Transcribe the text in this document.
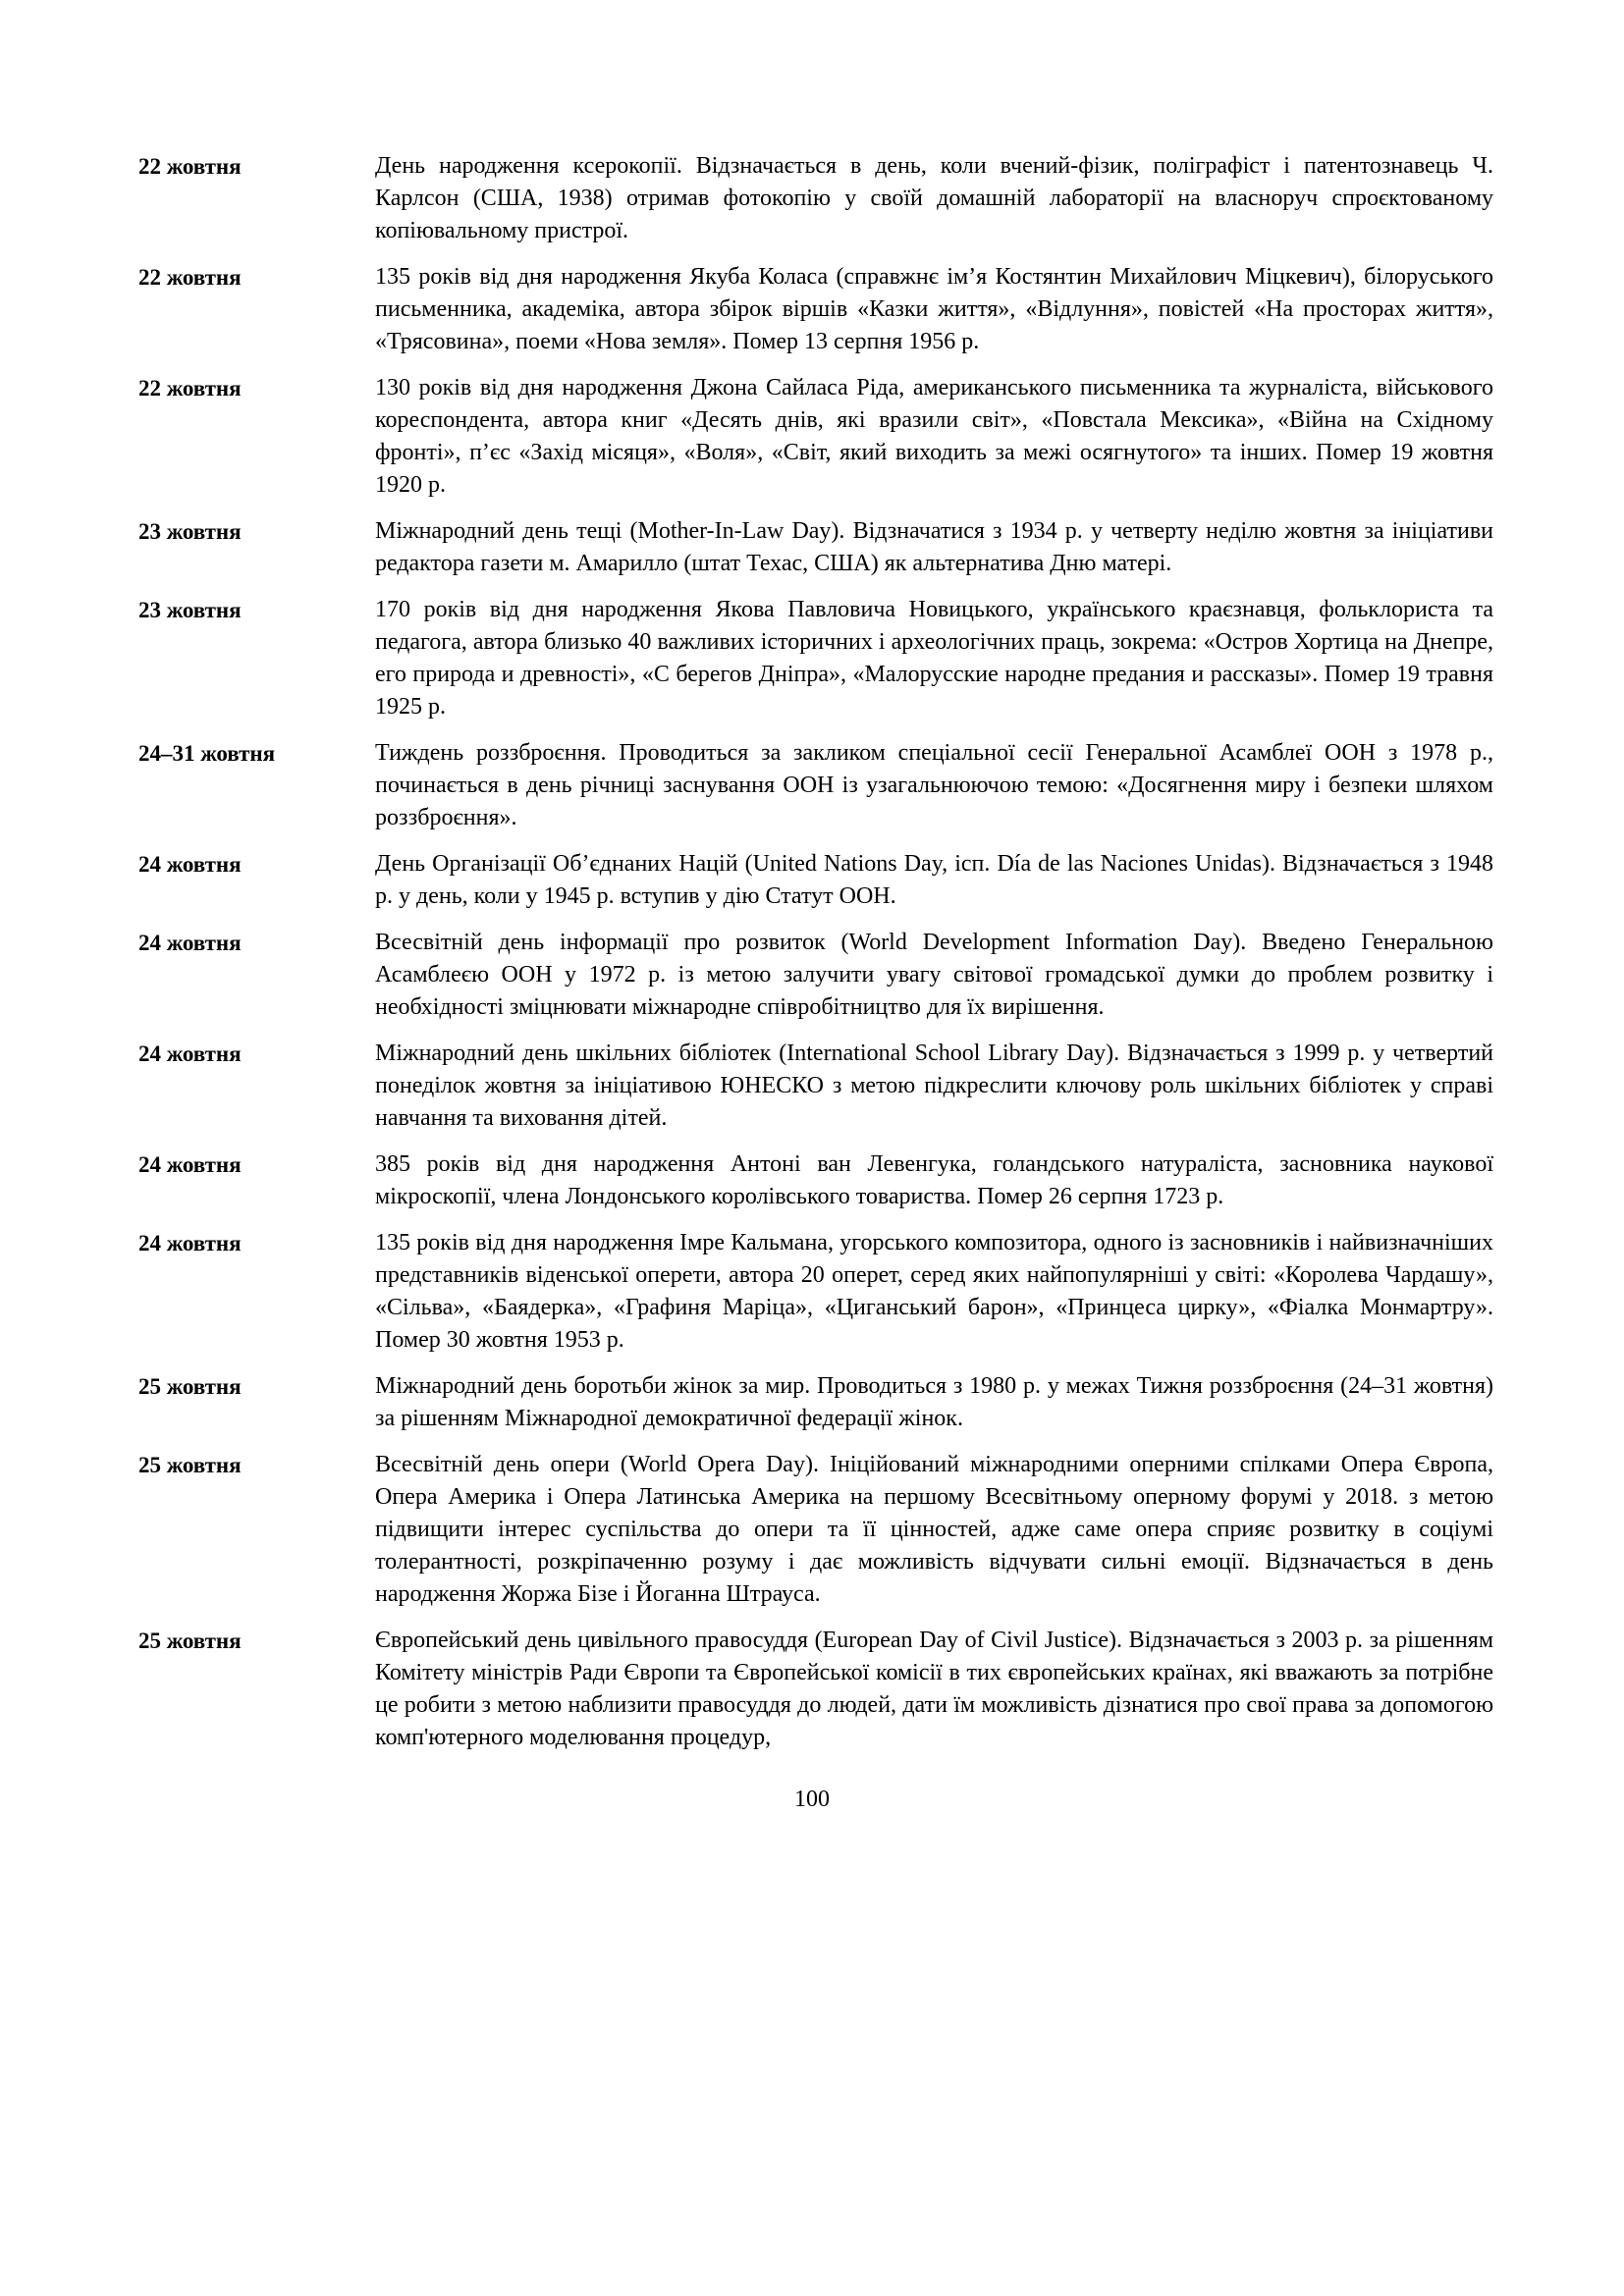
22 жовтня	День народження ксерокопії. Відзначається в день, коли вчений-фізик, поліграфіст і патентознавець Ч. Карлсон (США, 1938) отримав фотокопію у своїй домашній лабораторії на власноруч спроєктованому копіювальному пристрої.
22 жовтня	135 років від дня народження Якуба Коласа (справжнє ім’я Костянтин Михайлович Міцкевич), білоруського письменника, академіка, автора збірок віршів «Казки життя», «Відлуння», повістей «На просторах життя», «Трясовина», поеми «Нова земля». Помер 13 серпня 1956 р.
22 жовтня	130 років від дня народження Джона Сайласа Ріда, американського письменника та журналіста, військового кореспондента, автора книг «Десять днів, які вразили світ», «Повстала Мексика», «Війна на Східному фронті», п’єс «Захід місяця», «Воля», «Світ, який виходить за межі осягнутого» та інших. Помер 19 жовтня 1920 р.
23 жовтня	Міжнародний день тещі (Mother-In-Law Day). Відзначатися з 1934 р. у четверту неділю жовтня за ініціативи редактора газети м. Амарилло (штат Техас, США) як альтернатива Дню матері.
23 жовтня	170 років від дня народження Якова Павловича Новицького, українського краєзнавця, фольклориста та педагога, автора близько 40 важливих історичних і археологічних праць, зокрема: «Остров Хортица на Днепре, его природа и древності», «С берегов Дніпра», «Малорусские народне предания и рассказы». Помер 19 травня 1925 р.
24–31 жовтня	Тиждень роззброєння. Проводиться за закликом спеціальної сесії Генеральної Асамблеї ООН з 1978 р., починається в день річниці заснування ООН із узагальнюючою темою: «Досягнення миру і безпеки шляхом роззброєння».
24 жовтня	День Організації Об’єднаних Націй (United Nations Day, ісп. Día de las Naciones Unidas). Відзначається з 1948 р. у день, коли у 1945 р. вступив у дію Статут ООН.
24 жовтня	Всесвітній день інформації про розвиток (World Development Information Day). Введено Генеральною Асамблеєю ООН у 1972 р. із метою залучити увагу світової громадської думки до проблем розвитку і необхідності зміцнювати міжнародне співробітництво для їх вирішення.
24 жовтня	Міжнародний день шкільних бібліотек (International School Library Day). Відзначається з 1999 р. у четвертий понеділок жовтня за ініціативою ЮНЕСКО з метою підкреслити ключову роль шкільних бібліотек у справі навчання та виховання дітей.
24 жовтня	385 років від дня народження Антоні ван Левенгука, голандського натураліста, засновника наукової мікроскопії, члена Лондонського королівського товариства. Помер 26 серпня 1723 р.
24 жовтня	135 років від дня народження Імре Кальмана, угорського композитора, одного із засновників і найвизначніших представників віденської оперети, автора 20 оперет, серед яких найпопулярніші у світі: «Королева Чардашу», «Сільва», «Баядерка», «Графиня Маріца», «Циганський барон», «Принцеса цирку», «Фіалка Монмартру». Помер 30 жовтня 1953 р.
25 жовтня	Міжнародний день боротьби жінок за мир. Проводиться з 1980 р. у межах Тижня роззброєння (24–31 жовтня) за рішенням Міжнародної демократичної федерації жінок.
25 жовтня	Всесвітній день опери (World Opera Day). Ініційований міжнародними оперними спілками Опера Європа, Опера Америка і Опера Латинська Америка на першому Всесвітньому оперному форумі у 2018. з метою підвищити інтерес суспільства до опери та її цінностей, адже саме опера сприяє розвитку в соціумі толерантності, розкріпаченню розуму і дає можливість відчувати сильні емоції. Відзначається в день народження Жоржа Бізе і Йоганна Штрауса.
25 жовтня	Європейський день цивільного правосуддя (European Day of Civil Justice). Відзначається з 2003 р. за рішенням Комітету міністрів Ради Європи та Європейської комісії в тих європейських країнах, які вважають за потрібне це робити з метою наблизити правосуддя до людей, дати їм можливість дізнатися про свої права за допомогою комп'ютерного моделювання процедур,
100
